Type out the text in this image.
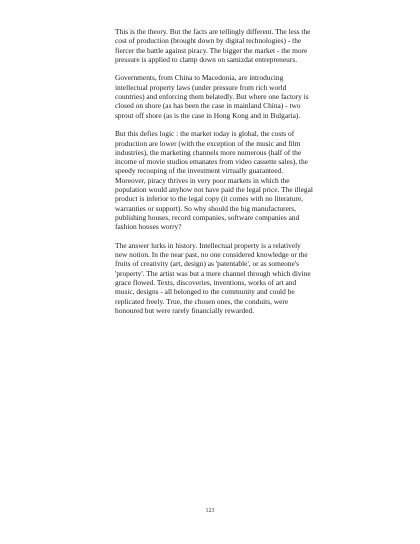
This is the theory. But the facts are tellingly different. The less the cost of production (brought down by digital technologies) - the fiercer the battle against piracy. The bigger the market - the more pressure is applied to clamp down on samizdat entrepreneurs.

Governments, from China to Macedonia, are introducing intellectual property laws (under pressure from rich world countries) and enforcing them belatedly. But where one factory is closed on shore (as has been the case in mainland China) - two sprout off shore (as is the case in Hong Kong and in Bulgaria).

But this defies logic : the market today is global, the costs of production are lower (with the exception of the music and film industries), the marketing channels more numerous (half of the income of movie studios emanates from video cassette sales), the speedy recouping of the investment virtually guaranteed. Moreover, piracy thrives in very poor markets in which the population would anyhow not have paid the legal price. The illegal product is inferior to the legal copy (it comes with no literature, warranties or support). So why should the big manufacturers, publishing houses, record companies, software companies and fashion houses worry?

The answer lurks in history. Intellectual property is a relatively new notion. In the near past, no one considered knowledge or the fruits of creativity (art, design) as 'patentable', or as someone's 'property'. The artist was but a mere channel through which divine grace flowed. Texts, discoveries, inventions, works of art and music, designs - all belonged to the community and could be replicated freely. True, the chosen ones, the conduits, were honoured but were rarely financially rewarded.

123
